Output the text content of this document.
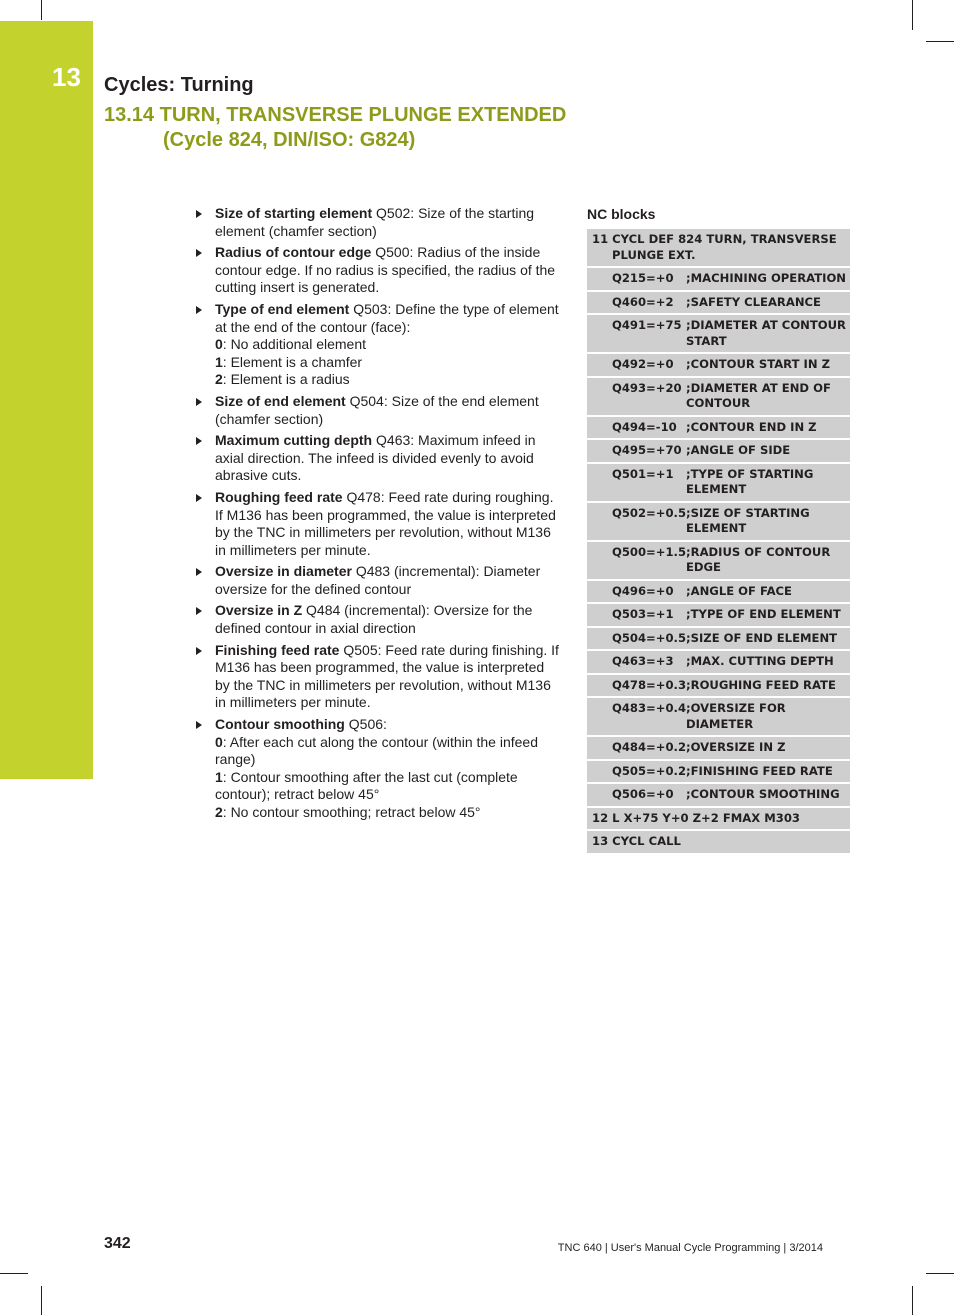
13 Cycles: Turning
13.14 TURN, TRANSVERSE PLUNGE EXTENDED
(Cycle 824, DIN/ISO: G824)
Size of starting element Q502: Size of the starting element (chamfer section)
Radius of contour edge Q500: Radius of the inside contour edge. If no radius is specified, the radius of the cutting insert is generated.
Type of end element Q503: Define the type of element at the end of the contour (face):
0: No additional element
1: Element is a chamfer
2: Element is a radius
Size of end element Q504: Size of the end element (chamfer section)
Maximum cutting depth Q463: Maximum infeed in axial direction. The infeed is divided evenly to avoid abrasive cuts.
Roughing feed rate Q478: Feed rate during roughing. If M136 has been programmed, the value is interpreted by the TNC in millimeters per revolution, without M136 in millimeters per minute.
Oversize in diameter Q483 (incremental): Diameter oversize for the defined contour
Oversize in Z Q484 (incremental): Oversize for the defined contour in axial direction
Finishing feed rate Q505: Feed rate during finishing. If M136 has been programmed, the value is interpreted by the TNC in millimeters per revolution, without M136 in millimeters per minute.
Contour smoothing Q506:
0: After each cut along the contour (within the infeed range)
1: Contour smoothing after the last cut (complete contour); retract below 45°
2: No contour smoothing; retract below 45°
NC blocks
11 CYCL DEF 824 TURN, TRANSVERSE
PLUNGE EXT.	

Q215=+0	;MACHINING OPERATION
Q460=+2	;SAFETY CLEARANCE
Q491=+75	;DIAMETER AT CONTOUR START
Q492=+0	;CONTOUR START IN Z
Q493=+20	;DIAMETER AT END OF CONTOUR
Q494=-10	;CONTOUR END IN Z
Q495=+70	;ANGLE OF SIDE
Q501=+1	;TYPE OF STARTING ELEMENT
Q502=+0.5	;SIZE OF STARTING ELEMENT
Q500=+1.5	;RADIUS OF CONTOUR EDGE
Q496=+0	;ANGLE OF FACE
Q503=+1	;TYPE OF END ELEMENT
Q504=+0.5	;SIZE OF END ELEMENT
Q463=+3	;MAX. CUTTING DEPTH
Q478=+0.3	;ROUGHING FEED RATE
Q483=+0.4	;OVERSIZE FOR DIAMETER
Q484=+0.2	;OVERSIZE IN Z
Q505=+0.2	;FINISHING FEED RATE
Q506=+0	;CONTOUR SMOOTHING
12 L X+75 Y+0 Z+2 FMAX M303	
13 CYCL CALL	
342	TNC 640 | User's Manual Cycle Programming | 3/2014
